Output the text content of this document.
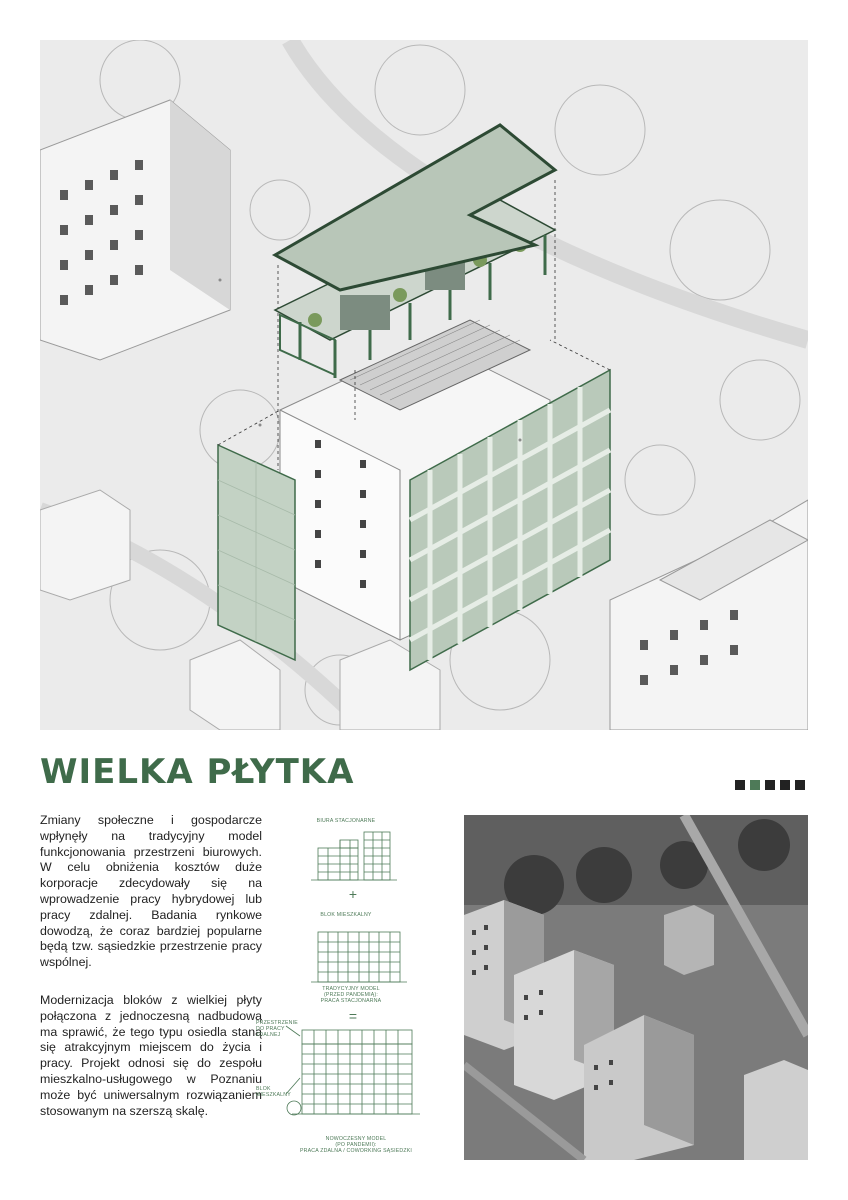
WIELKA PŁYTKA

Zmiany społeczne i gospodarcze wpłynęły na tradycyjny model funkcjonowania przestrzeni biurowych. W celu obniżenia kosztów duże korporacje zdecydowały się na wprowadzenie pracy hybrydowej lub pracy zdalnej. Badania rynkowe dowodzą, że coraz bardziej popularne będą tzw. sąsiedzkie przestrzenie pracy wspólnej.

Modernizacja bloków z wielkiej płyty połączona z jednoczesną nadbudową ma sprawić, że tego typu osiedla staną się atrakcyjnym miejscem do życia i pracy. Projekt odnosi się do zespołu mieszkalno-usługowego w Poznaniu może być uniwersalnym rozwiązaniem stosowanym na szerszą skalę.

BIURA STACJONARNE
+
BLOK MIESZKALNY
TRADYCYJNY MODEL
(PRZED PANDEMIĄ):
PRACA STACJONARNA
=
PRZESTRZENIE
DO PRACY
ZDALNEJ
BLOK
MIESZKALNY
NOWOCZESNY MODEL
(PO PANDEMII):
PRACA ZDALNA / COWORKING SĄSIEDZKI
